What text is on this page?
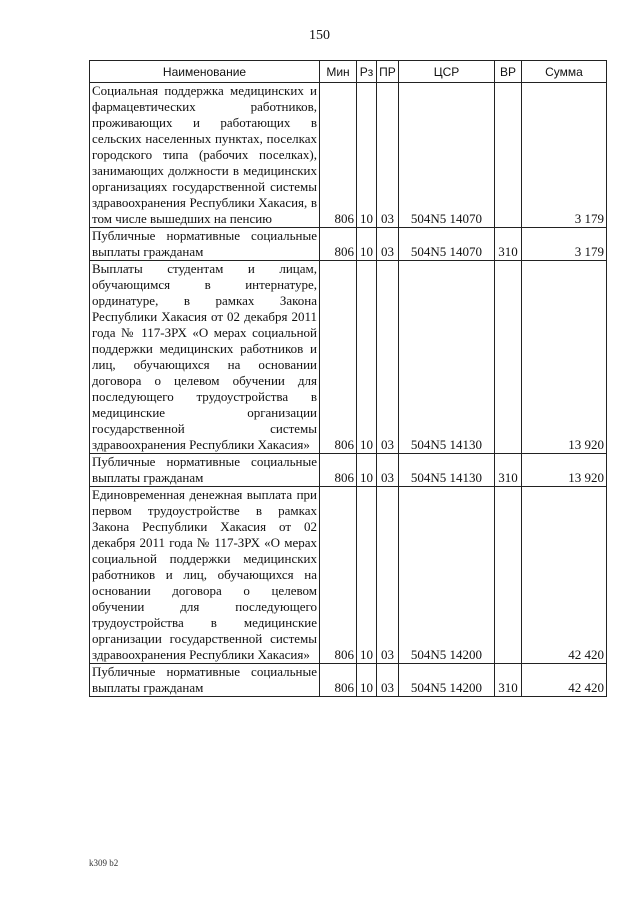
150
Наименование	Мин	Рз	ПР	ЦСР	ВР	Сумма
Социальная поддержка медицинских и фармацевтических работников, проживающих и работающих в сельских населенных пунктах, поселках городского типа (рабочих поселках), занимающих должности в медицинских организациях государственной системы здравоохранения Республики Хакасия, в том числе вышедших на пенсию	806	10	03	504N5 14070		3 179
Публичные нормативные социальные выплаты гражданам	806	10	03	504N5 14070	310	3 179
Выплаты студентам и лицам, обучающимся в интернатуре, ординатуре, в рамках Закона Республики Хакасия от 02 декабря 2011 года № 117-ЗРХ «О мерах социальной поддержки медицинских работников и лиц, обучающихся на основании договора о целевом обучении для последующего трудоустройства в медицинские организации государственной системы здравоохранения Республики Хакасия»	806	10	03	504N5 14130		13 920
Публичные нормативные социальные выплаты гражданам	806	10	03	504N5 14130	310	13 920
Единовременная денежная выплата при первом трудоустройстве в рамках Закона Республики Хакасия от 02 декабря 2011 года № 117-ЗРХ «О мерах социальной поддержки медицинских работников и лиц, обучающихся на основании договора о целевом обучении для последующего трудоустройства в медицинские организации государственной системы здравоохранения Республики Хакасия»	806	10	03	504N5 14200		42 420
Публичные нормативные социальные выплаты гражданам	806	10	03	504N5 14200	310	42 420
k309 b2
